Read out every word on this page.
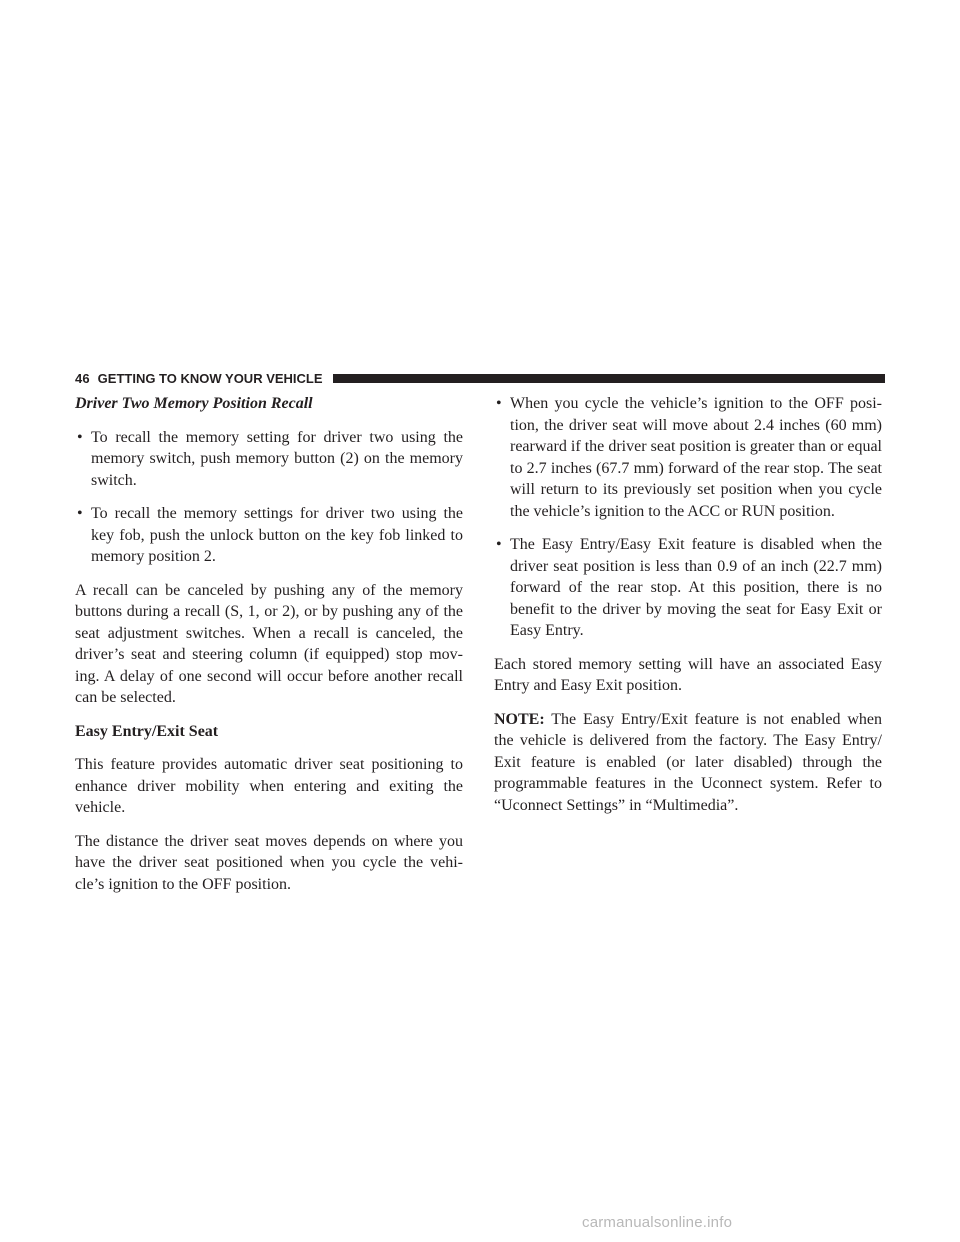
46 GETTING TO KNOW YOUR VEHICLE

Driver Two Memory Position Recall

• To recall the memory setting for driver two using the memory switch, push memory button (2) on the memory switch.
• To recall the memory settings for driver two using the key fob, push the unlock button on the key fob linked to memory position 2.

A recall can be canceled by pushing any of the memory buttons during a recall (S, 1, or 2), or by pushing any of the seat adjustment switches. When a recall is canceled, the driver’s seat and steering column (if equipped) stop mov-ing. A delay of one second will occur before another recall can be selected.

Easy Entry/Exit Seat

This feature provides automatic driver seat positioning to enhance driver mobility when entering and exiting the vehicle.

The distance the driver seat moves depends on where you have the driver seat positioned when you cycle the vehi-cle’s ignition to the OFF position.

• When you cycle the vehicle’s ignition to the OFF posi-tion, the driver seat will move about 2.4 inches (60 mm) rearward if the driver seat position is greater than or equal to 2.7 inches (67.7 mm) forward of the rear stop. The seat will return to its previously set position when you cycle the vehicle’s ignition to the ACC or RUN position.
• The Easy Entry/Easy Exit feature is disabled when the driver seat position is less than 0.9 of an inch (22.7 mm) forward of the rear stop. At this position, there is no benefit to the driver by moving the seat for Easy Exit or Easy Entry.

Each stored memory setting will have an associated Easy Entry and Easy Exit position.

NOTE: The Easy Entry/Exit feature is not enabled when the vehicle is delivered from the factory. The Easy Entry/ Exit feature is enabled (or later disabled) through the programmable features in the Uconnect system. Refer to “Uconnect Settings” in “Multimedia”.

carmanualsonline.info
